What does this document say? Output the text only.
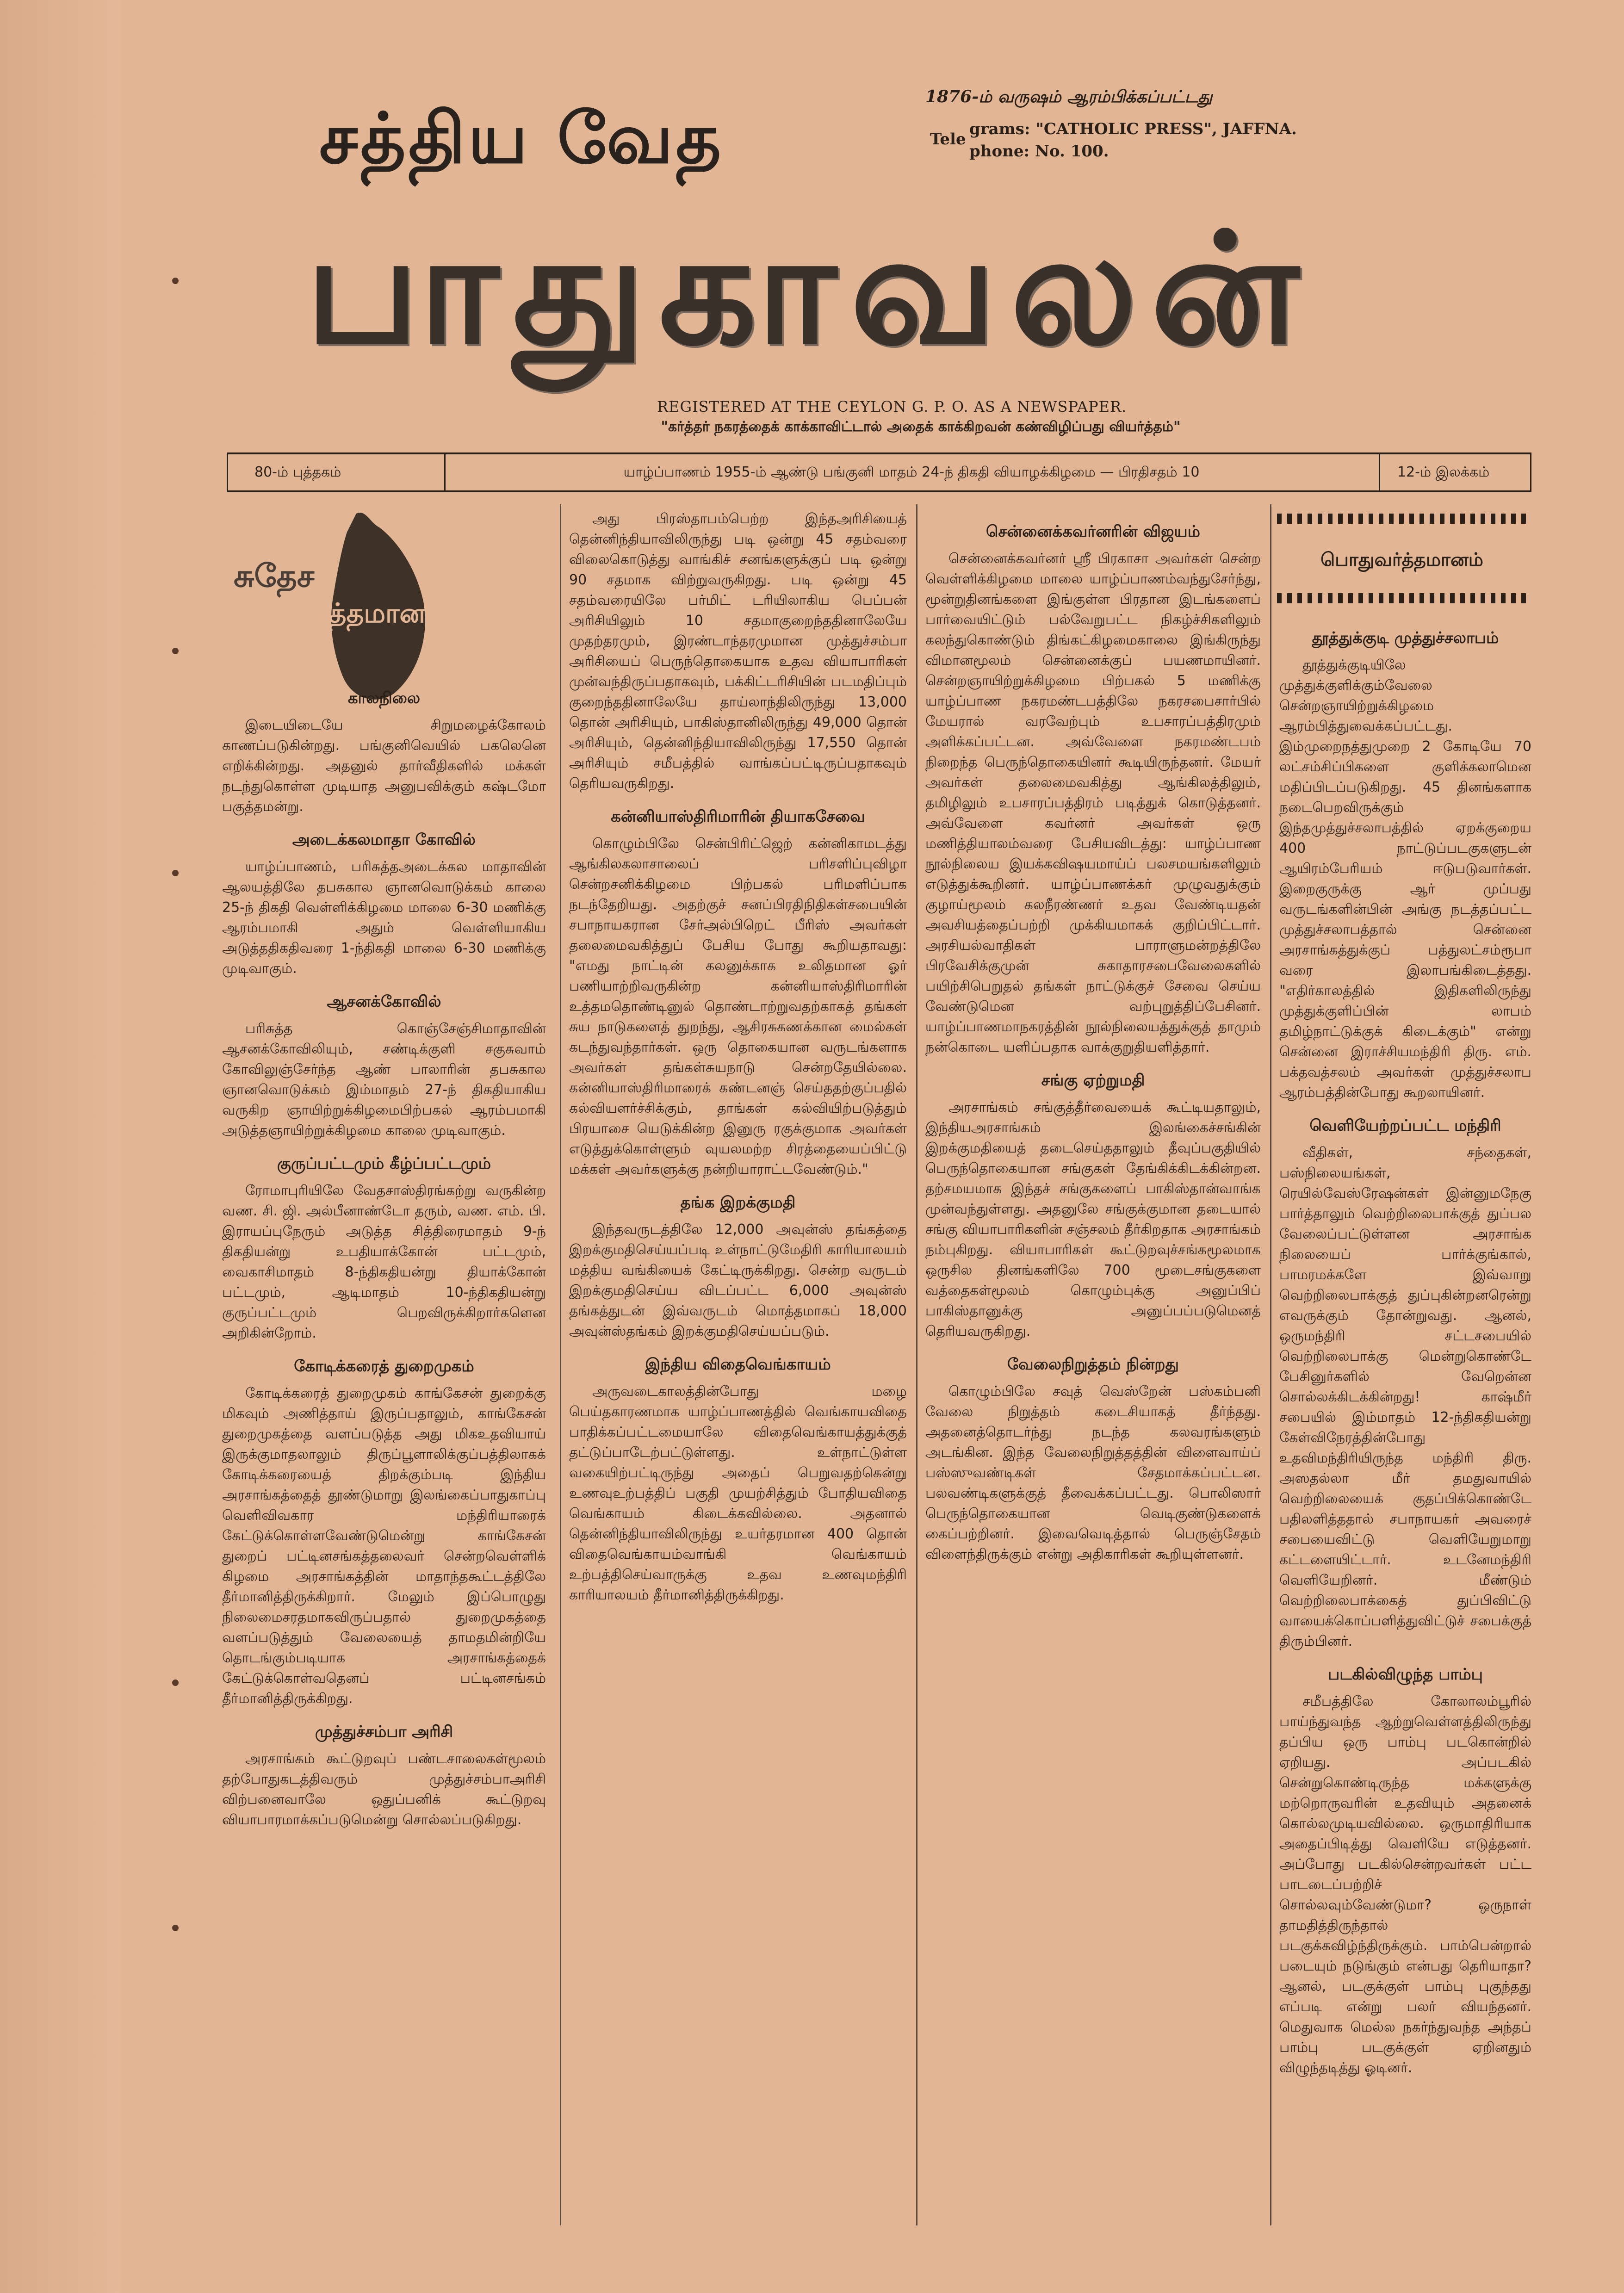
சத்திய வேத
பாதுகாவலன்
1876-ம் வருஷம் ஆரம்பிக்கப்பட்டது
Tele
grams: "CATHOLIC PRESS", JAFFNA.
phone: No. 100.
REGISTERED AT THE CEYLON G. P. O. AS A NEWSPAPER.
"கர்த்தர் நகரத்தைக் காக்காவிட்டால் அதைக் காக்கிறவன் கண்விழிப்பது வியர்த்தம்"
80-ம் புத்தகம்	யாழ்ப்பாணம் 1955-ம் ஆண்டு பங்குனி மாதம் 24-ந் திகதி வியாழக்கிழமை — பிரதிசதம் 10	12-ம் இலக்கம்
சுதேச
வர்த்தமானம்
காலநிலை

இடையிடையே சிறுமழைக்கோலம் காணப்படுகின்றது. பங்குனிவெயில் பகலெனெ எறிக்கின்றது. அதனுல் தார்வீதிகளில் மக்கள் நடந்துகொள்ள முடியாத அனுபவிக்கும் கஷ்டமோ பகுத்தமன்று.

அடைக்கலமாதா கோவில்

யாழ்ப்பாணம், பரிசுத்தஅடைக்கல மாதாவின் ஆலயத்திலே தபசுகால ஞானவொடுக்கம் காலை 25-ந் திகதி வெள்ளிக்கிழமை மாலை 6-30 மணிக்கு ஆரம்பமாகி அதும் வெள்ளியாகிய அடுத்ததிகதிவரை 1-ந்திகதி மாலை 6-30 மணிக்கு முடிவாகும்.

ஆசனக்கோவில்

பரிசுத்த கொஞ்சேஞ்சிமாதாவின் ஆசனக்கோவிலியும், சண்டிக்குளி சகுசுவாம் கோவிலுஞ்சேர்ந்த ஆண் பாலாரின் தபசுகால ஞானவொடுக்கம் இம்மாதம் 27-ந் திகதியாகிய வருகிற ஞாயிற்றுக்கிழமைபிற்பகல் ஆரம்பமாகி அடுத்தஞாயிற்றுக்கிழமை காலை முடிவாகும்.

குருப்பட்டமும் கீழ்ப்பட்டமும்

ரோமாபுரியிலே வேதசாஸ்திரங்கற்று வருகின்ற வண. சி. ஜி. அல்பீனாண்டோ தரும், வண. எம். பி. இராயப்புநேரும் அடுத்த சித்திரைமாதம் 9-ந் திகதியன்று உபதியாக்கோன் பட்டமும், வைகாசிமாதம் 8-ந்திகதியன்று தியாக்கோன் பட்டமும், ஆடிமாதம் 10-ந்திகதியன்று குருப்பட்டமும் பெறவிருக்கிறார்களென அறிகின்றோம்.

கோடிக்கரைத் துறைமுகம்

கோடிக்கரைத் துறைமுகம் காங்கேசன் துறைக்கு மிகவும் அணித்தாய் இருப்பதாலும், காங்கேசன் துறைமுகத்தை வளப்படுத்த அது மிகஉதவியாய் இருக்குமாதலாலும் திருப்பூளாலிக்குப்பத்திலாகக் கோடிக்கரையைத் திறக்கும்படி இந்திய அரசாங்கத்தைத் தூண்டுமாறு இலங்கைப்பாதுகாப்பு வெளிவிவகார மந்திரியாரைக் கேட்டுக்கொள்ளவேண்டுமென்று காங்கேசன் துறைப் பட்டினசங்கத்தலைவர் சென்றவெள்ளிக் கிழமை அரசாங்கத்தின் மாதாந்தகூட்டத்திலே தீர்மானித்திருக்கிறார். மேலும் இப்பொழுது நிலைமைசரதமாகவிருப்பதால் துறைமுகத்தை வளப்படுத்தும் வேலையைத் தாமதமின்றியே தொடங்கும்படியாக அரசாங்கத்தைக் கேட்டுக்கொள்வதெனப் பட்டினசங்கம் தீர்மானித்திருக்கிறது.

முத்துச்சம்பா அரிசி

அரசாங்கம் கூட்டுறவுப் பண்டசாலைகள்மூலம் தற்போதுகடத்திவரும் முத்துச்சம்பாஅரிசி விற்பனைவாலே ஒதுப்பனிக் கூட்டுறவு வியாபாரமாக்கப்படுமென்று சொல்லப்படுகிறது.

அது பிரஸ்தாபம்பெற்ற இந்தஅரிசியைத் தென்னிந்தியாவிலிருந்து படி ஒன்று 45 சதம்வரை விலைகொடுத்து வாங்கிச் சனங்களுக்குப் படி ஒன்று 90 சதமாக விற்றுவருகிறது. படி ஒன்று 45 சதம்வரையிலே பர்மிட் டரியிலாகிய பெப்பன் அரிசியிலும் 10 சதமாகுறைந்ததினாலேயே முதற்தரமும், இரண்டாந்தரமுமான முத்துச்சம்பா அரிசியைப் பெருந்தொகையாக உதவ வியாபாரிகள் முன்வந்திருப்பதாகவும், பக்கிட்டரிசியின் படமதிப்பும் குறைந்ததினாலேயே தாய்லாந்திலிருந்து 13,000 தொன் அரிசியும், பாகிஸ்தானிலிருந்து 49,000 தொன் அரிசியும், தென்னிந்தியாவிலிருந்து 17,550 தொன் அரிசியும் சமீபத்தில் வாங்கப்பட்டிருப்பதாகவும் தெரியவருகிறது.

கன்னியாஸ்திரிமாரின் தியாகசேவை

கொழும்பிலே சென்பிரிட்ஜெற் கன்னிகாமடத்து ஆங்கிலகலாசாலைப் பரிசளிப்புவிழா சென்றசனிக்கிழமை பிற்பகல் பரிமளிப்பாக நடந்தேறியது. அதற்குச் சனப்பிரதிநிதிகள்சபையின் சபாநாயகரான சேர்அல்பிறெட் பீரிஸ் அவர்கள் தலைமைவகித்துப் பேசிய போது கூறியதாவது: "எமது நாட்டின் கலனுக்காக உலிதமான ஓர் பணியாற்றிவருகின்ற கன்னியாஸ்திரிமாரின் உத்தமதொண்டினுல் தொண்டாற்றுவதற்காகத் தங்கள் சுய நாடுகளைத் துறந்து, ஆசிரசுகணக்கான மைல்கள் கடந்துவந்தார்கள். ஒரு தொகையான வருடங்களாக அவர்கள் தங்கள்சுயநாடு சென்றதேயில்லை. கன்னியாஸ்திரிமாரைக் கண்டனஞ் செய்ததற்குப்பதில் கல்வியளர்ச்சிக்கும், தாங்கள் கல்வியிற்படுத்தும் பிரயாசை யெடுக்கின்ற இனுரு ரகுக்குமாக அவர்கள் எடுத்துக்கொள்ளும் வுயலமற்ற சிரத்தையைப்பிட்டு மக்கள் அவர்களுக்கு நன்றியாராட்டவேண்டும்."

தங்க இறக்குமதி

இந்தவருடத்திலே 12,000 அவுன்ஸ் தங்கத்தை இறக்குமதிசெய்யப்படி உள்நாட்டுமேதிரி காரியாலயம் மத்திய வங்கியைக் கேட்டிருக்கிறது. சென்ற வருடம் இறக்குமதிசெய்ய விடப்பட்ட 6,000 அவுன்ஸ் தங்கத்துடன் இவ்வருடம் மொத்தமாகப் 18,000 அவுன்ஸ்தங்கம் இறக்குமதிசெய்யப்படும்.

இந்திய விதைவெங்காயம்

அருவடைகாலத்தின்போது மழை பெய்தகாரணமாக யாழ்ப்பாணத்தில் வெங்காயவிதை பாதிக்கப்பட்டமையாலே விதைவெங்காயத்துக்குத் தட்டுப்பாடேற்பட்டுள்ளது. உள்நாட்டுள்ள வகையிற்பட்டிருந்து அதைப் பெறுவதற்கென்று உணவுஉற்பத்திப் பகுதி முயற்சித்தும் போதியவிதை வெங்காயம் கிடைக்கவில்லை. அதனால் தென்னிந்தியாவிலிருந்து உயர்தரமான 400 தொன் விதைவெங்காயம்வாங்கி வெங்காயம் உற்பத்திசெய்வாருக்கு உதவ உணவுமந்திரி காரியாலயம் தீர்மானித்திருக்கிறது.

சென்னைக்கவர்னரின் விஜயம்

சென்னைக்கவர்னர் ஸ்ரீ பிரகாசா அவர்கள் சென்ற வெள்ளிக்கிழமை மாலை யாழ்ப்பாணம்வந்துசேர்ந்து, மூன்றுதினங்களை இங்குள்ள பிரதான இடங்களைப் பார்வையிட்டும் பல்வேறுபட்ட நிகழ்ச்சிகளிலும் கலந்துகொண்டும் திங்கட்கிழமைகாலை இங்கிருந்து விமானமூலம் சென்னைக்குப் பயணமாயினர். சென்றஞாயிற்றுக்கிழமை பிற்பகல் 5 மணிக்கு யாழ்ப்பாண நகரமண்டபத்திலே நகரசபைசார்பில் மேயரால் வரவேற்பும் உபசாரப்பத்திரமும் அளிக்கப்பட்டன. அவ்வேளை நகரமண்டபம் நிறைந்த பெருந்தொகையினர் கூடியிருந்தனர். மேயர் அவர்கள் தலைமைவகித்து ஆங்கிலத்திலும், தமிழிலும் உபசாரப்பத்திரம் படித்துக் கொடுத்தனர். அவ்வேளை கவர்னர் அவர்கள் ஒரு மணித்தியாலம்வரை பேசியவிடத்து: யாழ்ப்பாண நூல்நிலைய இயக்கவிஷயமாய்ப் பலசமயங்களிலும் எடுத்துக்கூறினர். யாழ்ப்பாணக்கர் முழுவதுக்கும் குழாய்மூலம் கலநீரண்ணர் உதவ வேண்டியதன் அவசியத்தைப்பற்றி முக்கியமாகக் குறிப்பிட்டார். அரசியல்வாதிகள் பாராளுமன்றத்திலே பிரவேசிக்குமுன் சுகாதாரசபைவேலைகளில் பயிற்சிபெறுதல் தங்கள் நாட்டுக்குச் சேவை செய்ய வேண்டுமென வற்புறுத்திப்பேசினர். யாழ்ப்பாணமாநகரத்தின் நூல்நிலையத்துக்குத் தாமும் நன்கொடை யளிப்பதாக வாக்குறுதியளித்தார்.

சங்கு ஏற்றுமதி

அரசாங்கம் சங்குத்தீர்வையைக் கூட்டியதாலும், இந்தியஅரசாங்கம் இலங்கைச்சங்கின் இறக்குமதியைத் தடைசெய்ததாலும் தீவுப்பகுதியில் பெருந்தொகையான சங்குகள் தேங்கிக்கிடக்கின்றன. தற்சமயமாக இந்தச் சங்குகளைப் பாகிஸ்தான்வாங்க முன்வந்துள்ளது. அதனுலே சங்குக்குமான தடையால் சங்கு வியாபாரிகளின் சஞ்சலம் தீர்கிறதாக அரசாங்கம் நம்புகிறது. வியாபாரிகள் கூட்டுறவுச்சங்கமூலமாக ஒருசில தினங்களிலே 700 மூடைசங்குகளை வத்தைகள்மூலம் கொழும்புக்கு அனுப்பிப் பாகிஸ்தானுக்கு அனுப்பப்படுமெனத் தெரியவருகிறது.

வேலைநிறுத்தம் நின்றது

கொழும்பிலே சவுத் வெஸ்றேன் பஸ்கம்பனி வேலை நிறுத்தம் கடைசியாகத் தீர்ந்தது. அதனைத்தொடர்ந்து நடந்த கலவரங்களும் அடங்கின. இந்த வேலைநிறுத்தத்தின் விளைவாய்ப் பஸ்ஸுவண்டிகள் சேதமாக்கப்பட்டன. பலவண்டிகளுக்குத் தீவைக்கப்பட்டது. பொலிஸார் பெருந்தொகையான வெடிகுண்டுகளைக் கைப்பற்றினர். இவைவெடித்தால் பெருஞ்சேதம் விளைந்திருக்கும் என்று அதிகாரிகள் கூறியுள்ளனர்.

பொதுவர்த்தமானம்
தூத்துக்குடி முத்துச்சலாபம்

தூத்துக்குடியிலே முத்துக்குளிக்கும்வேலை சென்றஞாயிற்றுக்கிழமை ஆரம்பித்துவைக்கப்பட்டது. இம்முறைநத்துமுறை 2 கோடியே 70 லட்சம்சிப்பிகளை குளிக்கலாமென மதிப்பிடப்படுகிறது. 45 தினங்களாக நடைபெறவிருக்கும் இந்தமுத்துச்சலாபத்தில் ஏறக்குறைய 400 நாட்டுப்படகுகளுடன் ஆயிரம்பேரியம் ஈடுபடுவார்கள். இறைகுருக்கு ஆர் முப்பது வருடங்களின்பின் அங்கு நடத்தப்பட்ட முத்துச்சலாபத்தால் சென்னை அரசாங்கத்துக்குப் பத்துலட்சம்ரூபா வரை இலாபங்கிடைத்தது. "எதிர்காலத்தில் இதிகளிலிருந்து முத்துக்குளிப்பின் லாபம் தமிழ்நாட்டுக்குக் கிடைக்கும்" என்று சென்னை இராச்சியமந்திரி திரு. எம். பக்தவத்சலம் அவர்கள் முத்துச்சலாப ஆரம்பத்தின்போது கூறலாயினர்.

வெளியேற்றப்பட்ட மந்திரி

வீதிகள், சந்தைகள், பஸ்நிலையங்கள், ரெயில்வேஸ்ரேஷன்கள் இன்னுமநேகு பார்த்தாலும் வெற்றிலைபாக்குத் துப்பல வேலைப்பட்டுள்ளன அரசாங்க நிலையைப் பார்க்குங்கால், பாமரமக்களே இவ்வாறு வெற்றிலைபாக்குத் துப்புகின்றனரென்று எவருக்கும் தோன்றுவது. ஆனல், ஒருமந்திரி சட்டசபையில் வெற்றிலைபாக்கு மென்றுகொண்டே பேசினுர்களில் வேறென்ன சொல்லக்கிடக்கின்றது! காஷ்மீர் சபையில் இம்மாதம் 12-ந்திகதியன்று கேள்விநேரத்தின்போது உதவிமந்திரியிருந்த மந்திரி திரு. அஸதல்லா மீர் தமதுவாயில் வெற்றிலையைக் குதப்பிக்கொண்டே பதிலளித்ததால் சபாநாயகர் அவரைச் சபையைவிட்டு வெளியேறுமாறு கட்டளையிட்டார். உடனேமந்திரி வெளியேறினர். மீண்டும் வெற்றிலைபாக்கைத் துப்பிவிட்டு வாயைக்கொப்பளித்துவிட்டுச் சபைக்குத் திரும்பினர்.

படகில்விழுந்த பாம்பு

சமீபத்திலே கோலாலம்பூரில் பாய்ந்துவந்த ஆற்றுவெள்ளத்திலிருந்து தப்பிய ஒரு பாம்பு படகொன்றில் ஏறியது. அப்படகில் சென்றுகொண்டிருந்த மக்களுக்கு மற்றொருவரின் உதவியும் அதனைக் கொல்லமுடியவில்லை. ஒருமாதிரியாக அதைப்பிடித்து வெளியே எடுத்தனர். அப்போது படகில்சென்றவர்கள் பட்ட பாடடைப்பற்றிச் சொல்லவும்வேண்டுமா? ஒருநாள் தாமதித்திருந்தால் படகுக்கவிழ்ந்திருக்கும். பாம்பென்றால் படையும் நடுங்கும் என்பது தெரியாதா? ஆனல், படகுக்குள் பாம்பு புகுந்தது எப்படி என்று பலர் வியந்தனர். மெதுவாக மெல்ல நகர்ந்துவந்த அந்தப் பாம்பு படகுக்குள் ஏறினதும் விழுந்தடித்து ஓடினர்.
